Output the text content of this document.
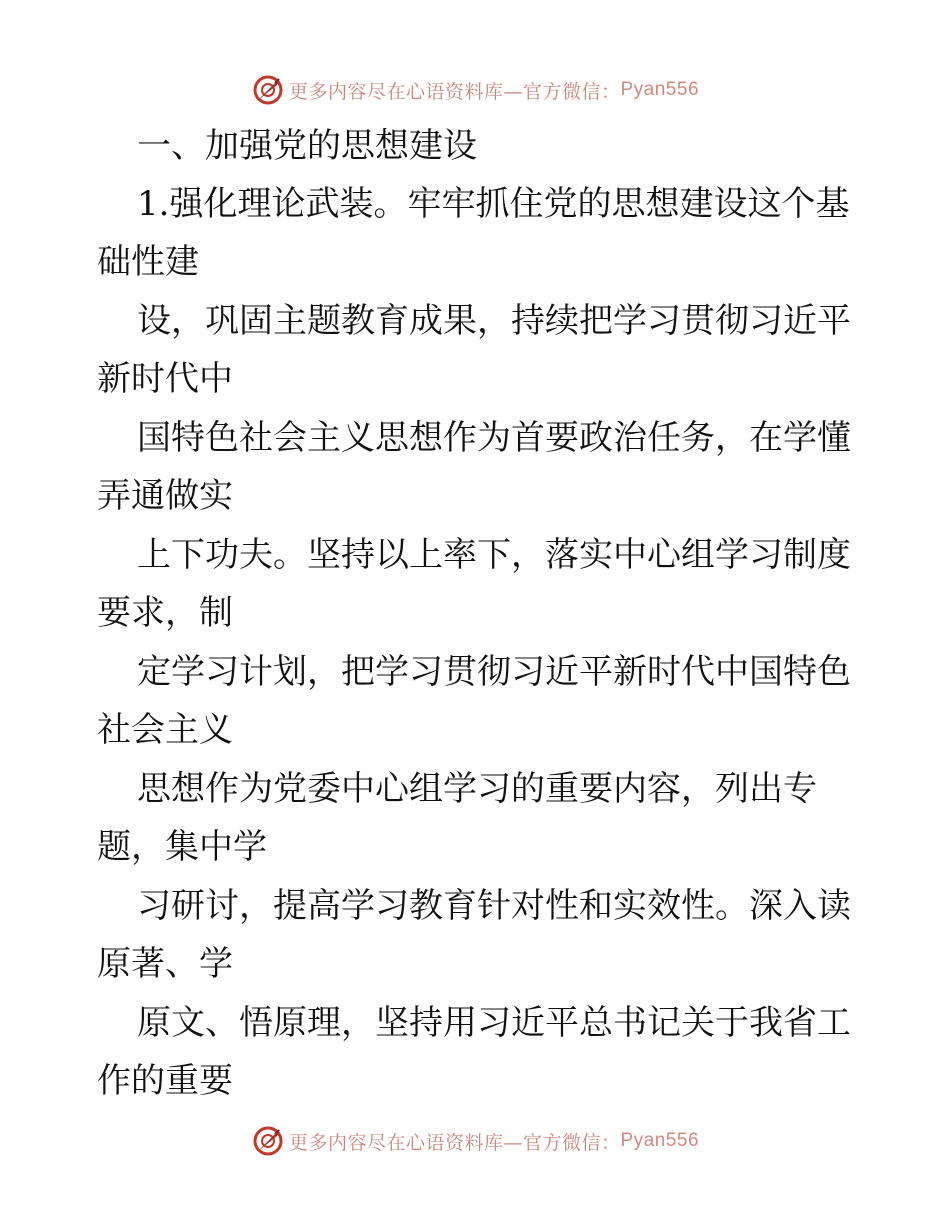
更多内容尽在心语资料库—官方微信： Pyan556
一、加强党的思想建设
1.强化理论武装。牢牢抓住党的思想建设这个基
础性建
设，巩固主题教育成果，持续把学习贯彻习近平
新时代中
国特色社会主义思想作为首要政治任务，在学懂
弄通做实
上下功夫。坚持以上率下，落实中心组学习制度
要求，制
定学习计划，把学习贯彻习近平新时代中国特色
社会主义
思想作为党委中心组学习的重要内容，列出专
题，集中学
习研讨，提高学习教育针对性和实效性。深入读
原著、学
原文、悟原理，坚持用习近平总书记关于我省工
作的重要
更多内容尽在心语资料库—官方微信： Pyan556
